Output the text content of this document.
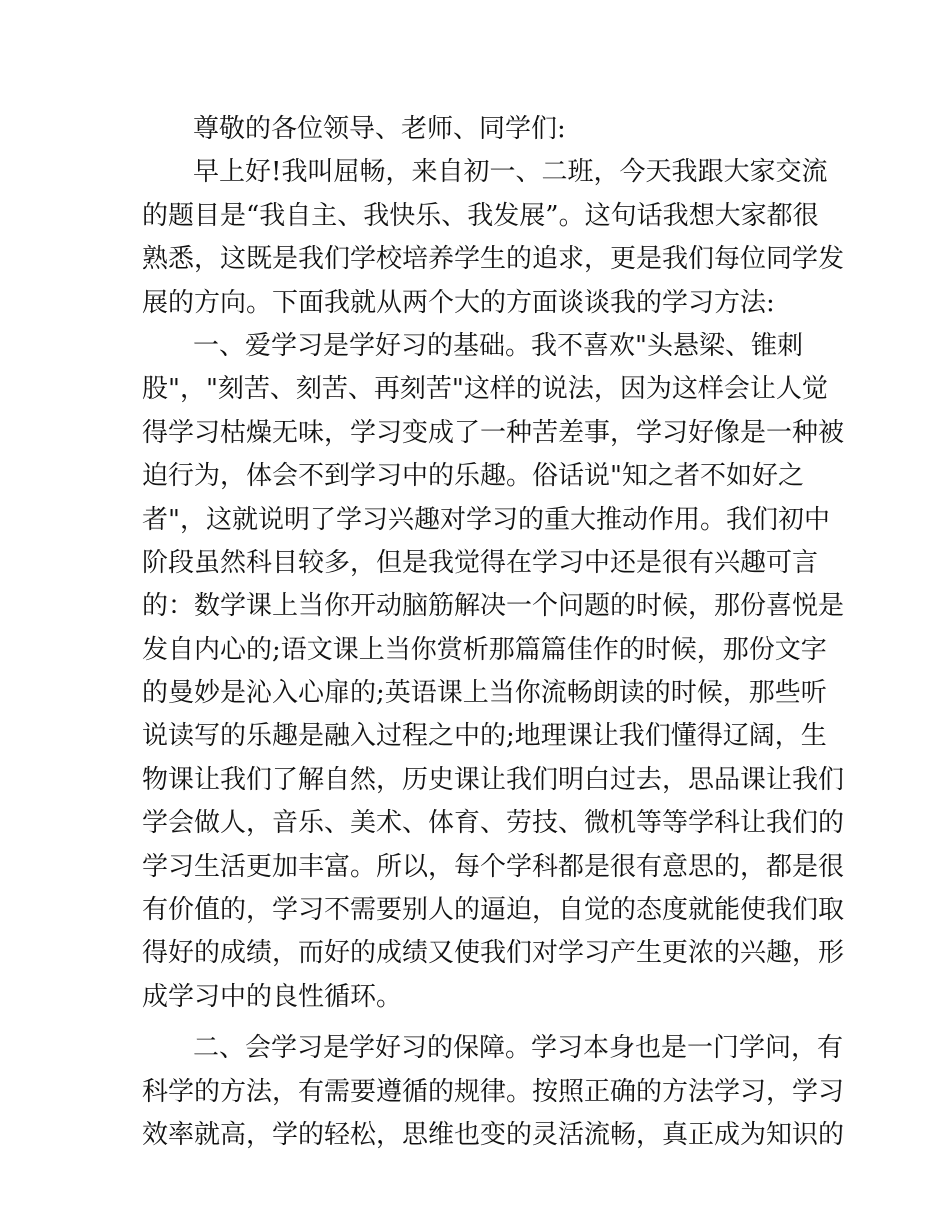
尊敬的各位领导、老师、同学们:
早上好!我叫屈畅，来自初一、二班，今天我跟大家交流
的题目是“我自主、我快乐、我发展”。这句话我想大家都很
熟悉，这既是我们学校培养学生的追求，更是我们每位同学发
展的方向。下面我就从两个大的方面谈谈我的学习方法:
一、爱学习是学好习的基础。我不喜欢"头悬梁、锥刺
股"，"刻苦、刻苦、再刻苦"这样的说法，因为这样会让人觉
得学习枯燥无味，学习变成了一种苦差事，学习好像是一种被
迫行为，体会不到学习中的乐趣。俗话说"知之者不如好之
者"，这就说明了学习兴趣对学习的重大推动作用。我们初中
阶段虽然科目较多，但是我觉得在学习中还是很有兴趣可言
的：数学课上当你开动脑筋解决一个问题的时候，那份喜悦是
发自内心的;语文课上当你赏析那篇篇佳作的时候，那份文字
的曼妙是沁入心扉的;英语课上当你流畅朗读的时候，那些听
说读写的乐趣是融入过程之中的;地理课让我们懂得辽阔，生
物课让我们了解自然，历史课让我们明白过去，思品课让我们
学会做人，音乐、美术、体育、劳技、微机等等学科让我们的
学习生活更加丰富。所以，每个学科都是很有意思的，都是很
有价值的，学习不需要别人的逼迫，自觉的态度就能使我们取
得好的成绩，而好的成绩又使我们对学习产生更浓的兴趣，形
成学习中的良性循环。
二、会学习是学好习的保障。学习本身也是一门学问，有
科学的方法，有需要遵循的规律。按照正确的方法学习，学习
效率就高，学的轻松，思维也变的灵活流畅，真正成为知识的
